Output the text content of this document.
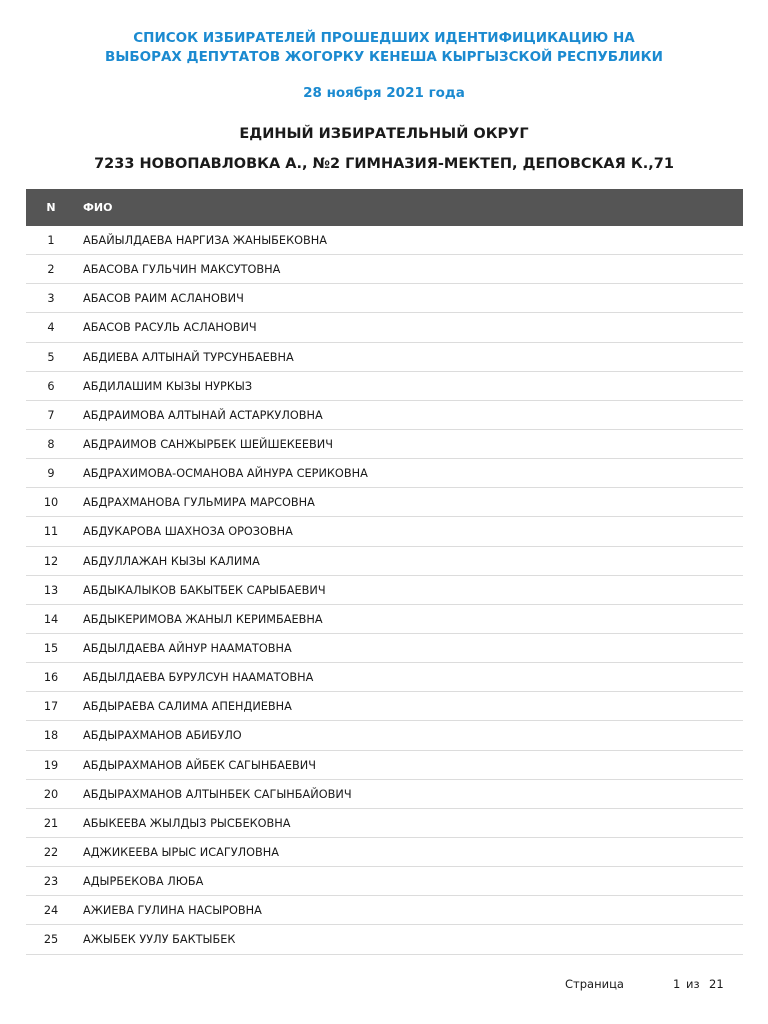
СПИСОК ИЗБИРАТЕЛЕЙ ПРОШЕДШИХ ИДЕНТИФИЦИКАЦИЮ НА
ВЫБОРАХ ДЕПУТАТОВ ЖОГОРКУ КЕНЕША КЫРГЫЗСКОЙ РЕСПУБЛИКИ
28 ноября 2021 года
ЕДИНЫЙ ИЗБИРАТЕЛЬНЫЙ ОКРУГ
7233 НОВОПАВЛОВКА А., №2 ГИМНАЗИЯ-МЕКТЕП, ДЕПОВСКАЯ К.,71
N	ФИО
1	АБАЙЫЛДАЕВА НАРГИЗА ЖАНЫБЕКОВНА
2	АБАСОВА ГУЛЬЧИН МАКСУТОВНА
3	АБАСОВ РАИМ АСЛАНОВИЧ
4	АБАСОВ РАСУЛЬ АСЛАНОВИЧ
5	АБДИЕВА АЛТЫНАЙ ТУРСУНБАЕВНА
6	АБДИЛАШИМ КЫЗЫ НУРКЫЗ
7	АБДРАИМОВА АЛТЫНАЙ АСТАРКУЛОВНА
8	АБДРАИМОВ САНЖЫРБЕК ШЕЙШЕКЕЕВИЧ
9	АБДРАХИМОВА-ОСМАНОВА АЙНУРА СЕРИКОВНА
10	АБДРАХМАНОВА ГУЛЬМИРА МАРСОВНА
11	АБДУКАРОВА ШАХНОЗА ОРОЗОВНА
12	АБДУЛЛАЖАН КЫЗЫ КАЛИМА
13	АБДЫКАЛЫКОВ БАКЫТБЕК САРЫБАЕВИЧ
14	АБДЫКЕРИМОВА ЖАНЫЛ КЕРИМБАЕВНА
15	АБДЫЛДАЕВА АЙНУР НААМАТОВНА
16	АБДЫЛДАЕВА БУРУЛСУН НААМАТОВНА
17	АБДЫРАЕВА САЛИМА АПЕНДИЕВНА
18	АБДЫРАХМАНОВ АБИБУЛО
19	АБДЫРАХМАНОВ АЙБЕК САГЫНБАЕВИЧ
20	АБДЫРАХМАНОВ АЛТЫНБЕК САГЫНБАЙОВИЧ
21	АБЫКЕЕВА ЖЫЛДЫЗ РЫСБЕКОВНА
22	АДЖИКЕЕВА ЫРЫС ИСАГУЛОВНА
23	АДЫРБЕКОВА ЛЮБА
24	АЖИЕВА ГУЛИНА НАСЫРОВНА
25	АЖЫБЕК УУЛУ БАКТЫБЕК
Страница	1 из 21
